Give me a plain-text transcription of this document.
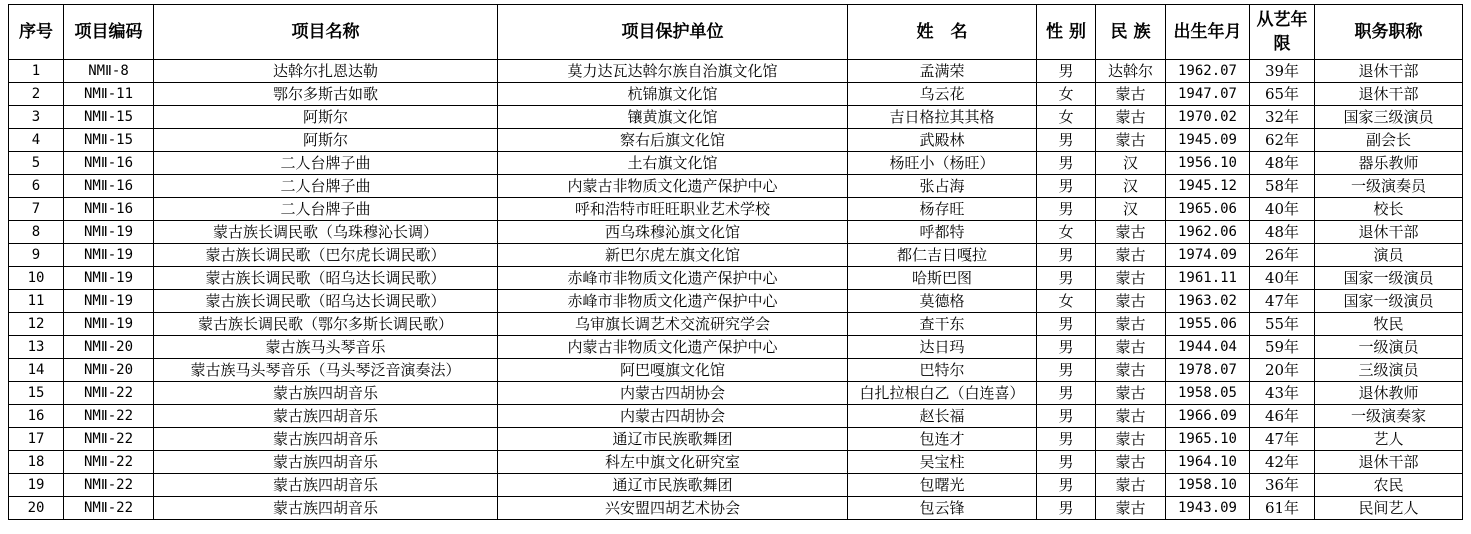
序号	项目编码	项目名称	项目保护单位	姓　名	性 别	民 族	出生年月	从艺年限	职务职称
1	NMⅡ-8	达斡尔扎恩达勒	莫力达瓦达斡尔族自治旗文化馆	孟满荣	男	达斡尔	1962.07	39年	退休干部
2	NMⅡ-11	鄂尔多斯古如歌	杭锦旗文化馆	乌云花	女	蒙古	1947.07	65年	退休干部
3	NMⅡ-15	阿斯尔	镶黄旗文化馆	吉日格拉其其格	女	蒙古	1970.02	32年	国家三级演员
4	NMⅡ-15	阿斯尔	察右后旗文化馆	武殿林	男	蒙古	1945.09	62年	副会长
5	NMⅡ-16	二人台牌子曲	土右旗文化馆	杨旺小（杨旺）	男	汉	1956.10	48年	器乐教师
6	NMⅡ-16	二人台牌子曲	内蒙古非物质文化遗产保护中心	张占海	男	汉	1945.12	58年	一级演奏员
7	NMⅡ-16	二人台牌子曲	呼和浩特市旺旺职业艺术学校	杨存旺	男	汉	1965.06	40年	校长
8	NMⅡ-19	蒙古族长调民歌（乌珠穆沁长调）	西乌珠穆沁旗文化馆	呼都特	女	蒙古	1962.06	48年	退休干部
9	NMⅡ-19	蒙古族长调民歌（巴尔虎长调民歌）	新巴尔虎左旗文化馆	都仁吉日嘎拉	男	蒙古	1974.09	26年	演员
10	NMⅡ-19	蒙古族长调民歌（昭乌达长调民歌）	赤峰市非物质文化遗产保护中心	哈斯巴图	男	蒙古	1961.11	40年	国家一级演员
11	NMⅡ-19	蒙古族长调民歌（昭乌达长调民歌）	赤峰市非物质文化遗产保护中心	莫德格	女	蒙古	1963.02	47年	国家一级演员
12	NMⅡ-19	蒙古族长调民歌（鄂尔多斯长调民歌）	乌审旗长调艺术交流研究学会	查干东	男	蒙古	1955.06	55年	牧民
13	NMⅡ-20	蒙古族马头琴音乐	内蒙古非物质文化遗产保护中心	达日玛	男	蒙古	1944.04	59年	一级演员
14	NMⅡ-20	蒙古族马头琴音乐（马头琴泛音演奏法）	阿巴嘎旗文化馆	巴特尔	男	蒙古	1978.07	20年	三级演员
15	NMⅡ-22	蒙古族四胡音乐	内蒙古四胡协会	白扎拉根白乙（白连喜）	男	蒙古	1958.05	43年	退休教师
16	NMⅡ-22	蒙古族四胡音乐	内蒙古四胡协会	赵长福	男	蒙古	1966.09	46年	一级演奏家
17	NMⅡ-22	蒙古族四胡音乐	通辽市民族歌舞团	包连才	男	蒙古	1965.10	47年	艺人
18	NMⅡ-22	蒙古族四胡音乐	科左中旗文化研究室	吴宝柱	男	蒙古	1964.10	42年	退休干部
19	NMⅡ-22	蒙古族四胡音乐	通辽市民族歌舞团	包曙光	男	蒙古	1958.10	36年	农民
20	NMⅡ-22	蒙古族四胡音乐	兴安盟四胡艺术协会	包云锋	男	蒙古	1943.09	61年	民间艺人
